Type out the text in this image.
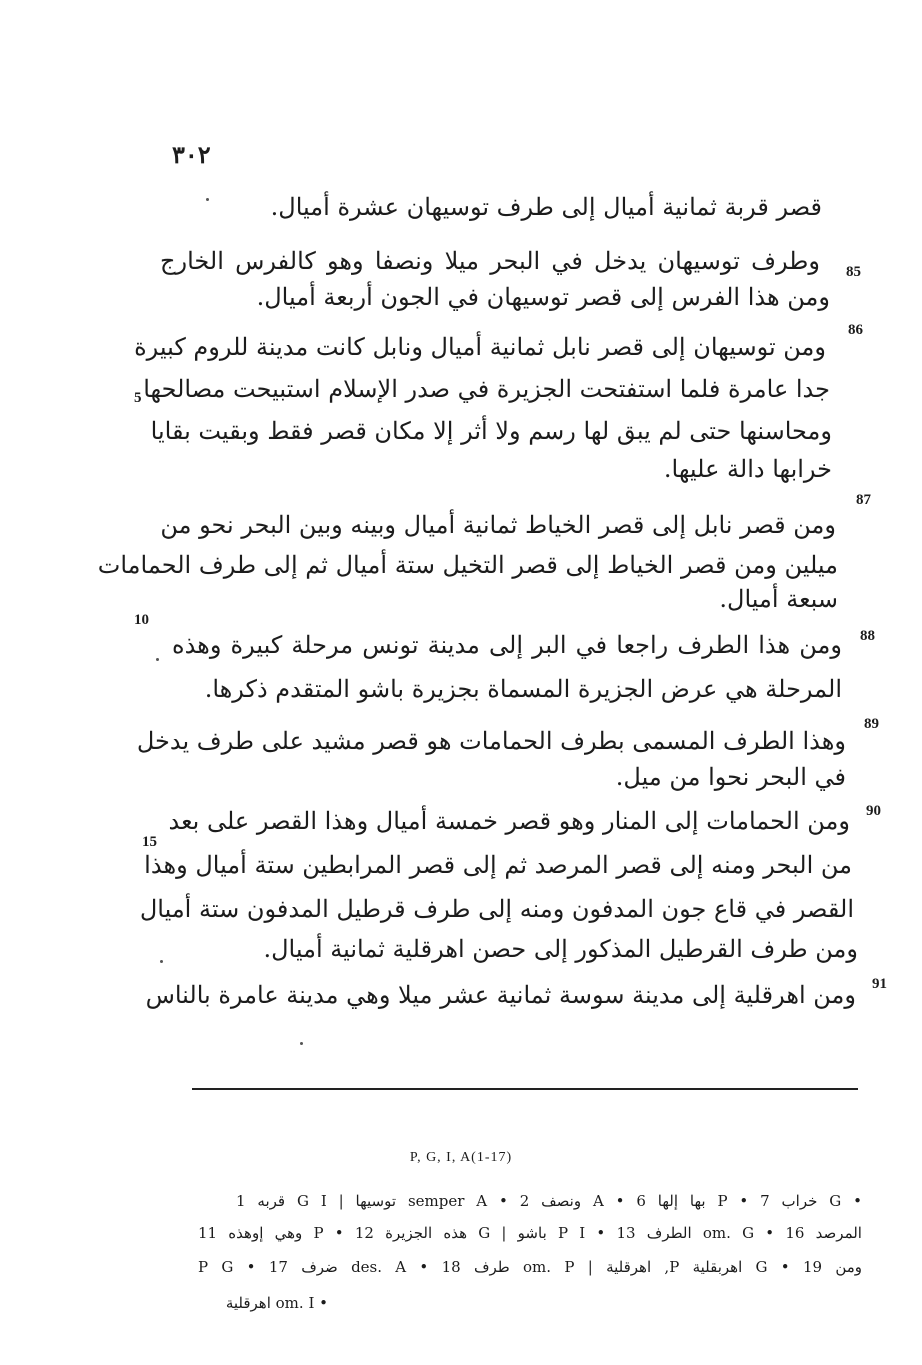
٣٠٢
85
86
87
88
89
90
91
5
10
15
قصر قربة ثمانية أميال إلى طرف توسيهان عشرة أميال.
وطرف توسيهان يدخل في البحر ميلا ونصفا وهو كالفرس الخارج
ومن هذا الفرس إلى قصر توسيهان في الجون أربعة أميال.
ومن توسيهان إلى قصر نابل ثمانية أميال ونابل كانت مدينة للروم كبيرة
جدا عامرة فلما استفتحت الجزيرة في صدر الإسلام استبيحت مصالحها
ومحاسنها حتى لم يبق لها رسم ولا أثر إلا مكان قصر فقط وبقيت بقايا
خرابها دالة عليها.
ومن قصر نابل إلى قصر الخياط ثمانية أميال وبينه وبين البحر نحو من
ميلين ومن قصر الخياط إلى قصر التخيل ستة أميال ثم إلى طرف الحمامات
سبعة أميال.
ومن هذا الطرف راجعا في البر إلى مدينة تونس مرحلة كبيرة وهذه
المرحلة هي عرض الجزيرة المسماة بجزيرة باشو المتقدم ذكرها.
وهذا الطرف المسمى بطرف الحمامات هو قصر مشيد على طرف يدخل
في البحر نحوا من ميل.
ومن الحمامات إلى المنار وهو قصر خمسة أميال وهذا القصر على بعد
من البحر ومنه إلى قصر المرصد ثم إلى قصر المرابطين ستة أميال وهذا
القصر في قاع جون المدفون ومنه إلى طرف قرطيل المدفون ستة أميال
ومن طرف القرطيل المذكور إلى حصن اهرقلية ثمانية أميال.
ومن اهرقلية إلى مدينة سوسة ثمانية عشر ميلا وهي مدينة عامرة بالناس
P, G, I, A(1-17)
• G خراب 7 • P بها إلها 6 • A ونصف 2 • semper A توسيها | G I قربه 1
المرصد 16 • om. G الطرف 13 • P I باشو | G هذه الجزيرة 12 • P وهي إوهذه 11
ومن 19 • G اهربقلية P, اهرقلية | om. P طرف 18 • des. A ضرف 17 • P G
• om. I اهرقلية
